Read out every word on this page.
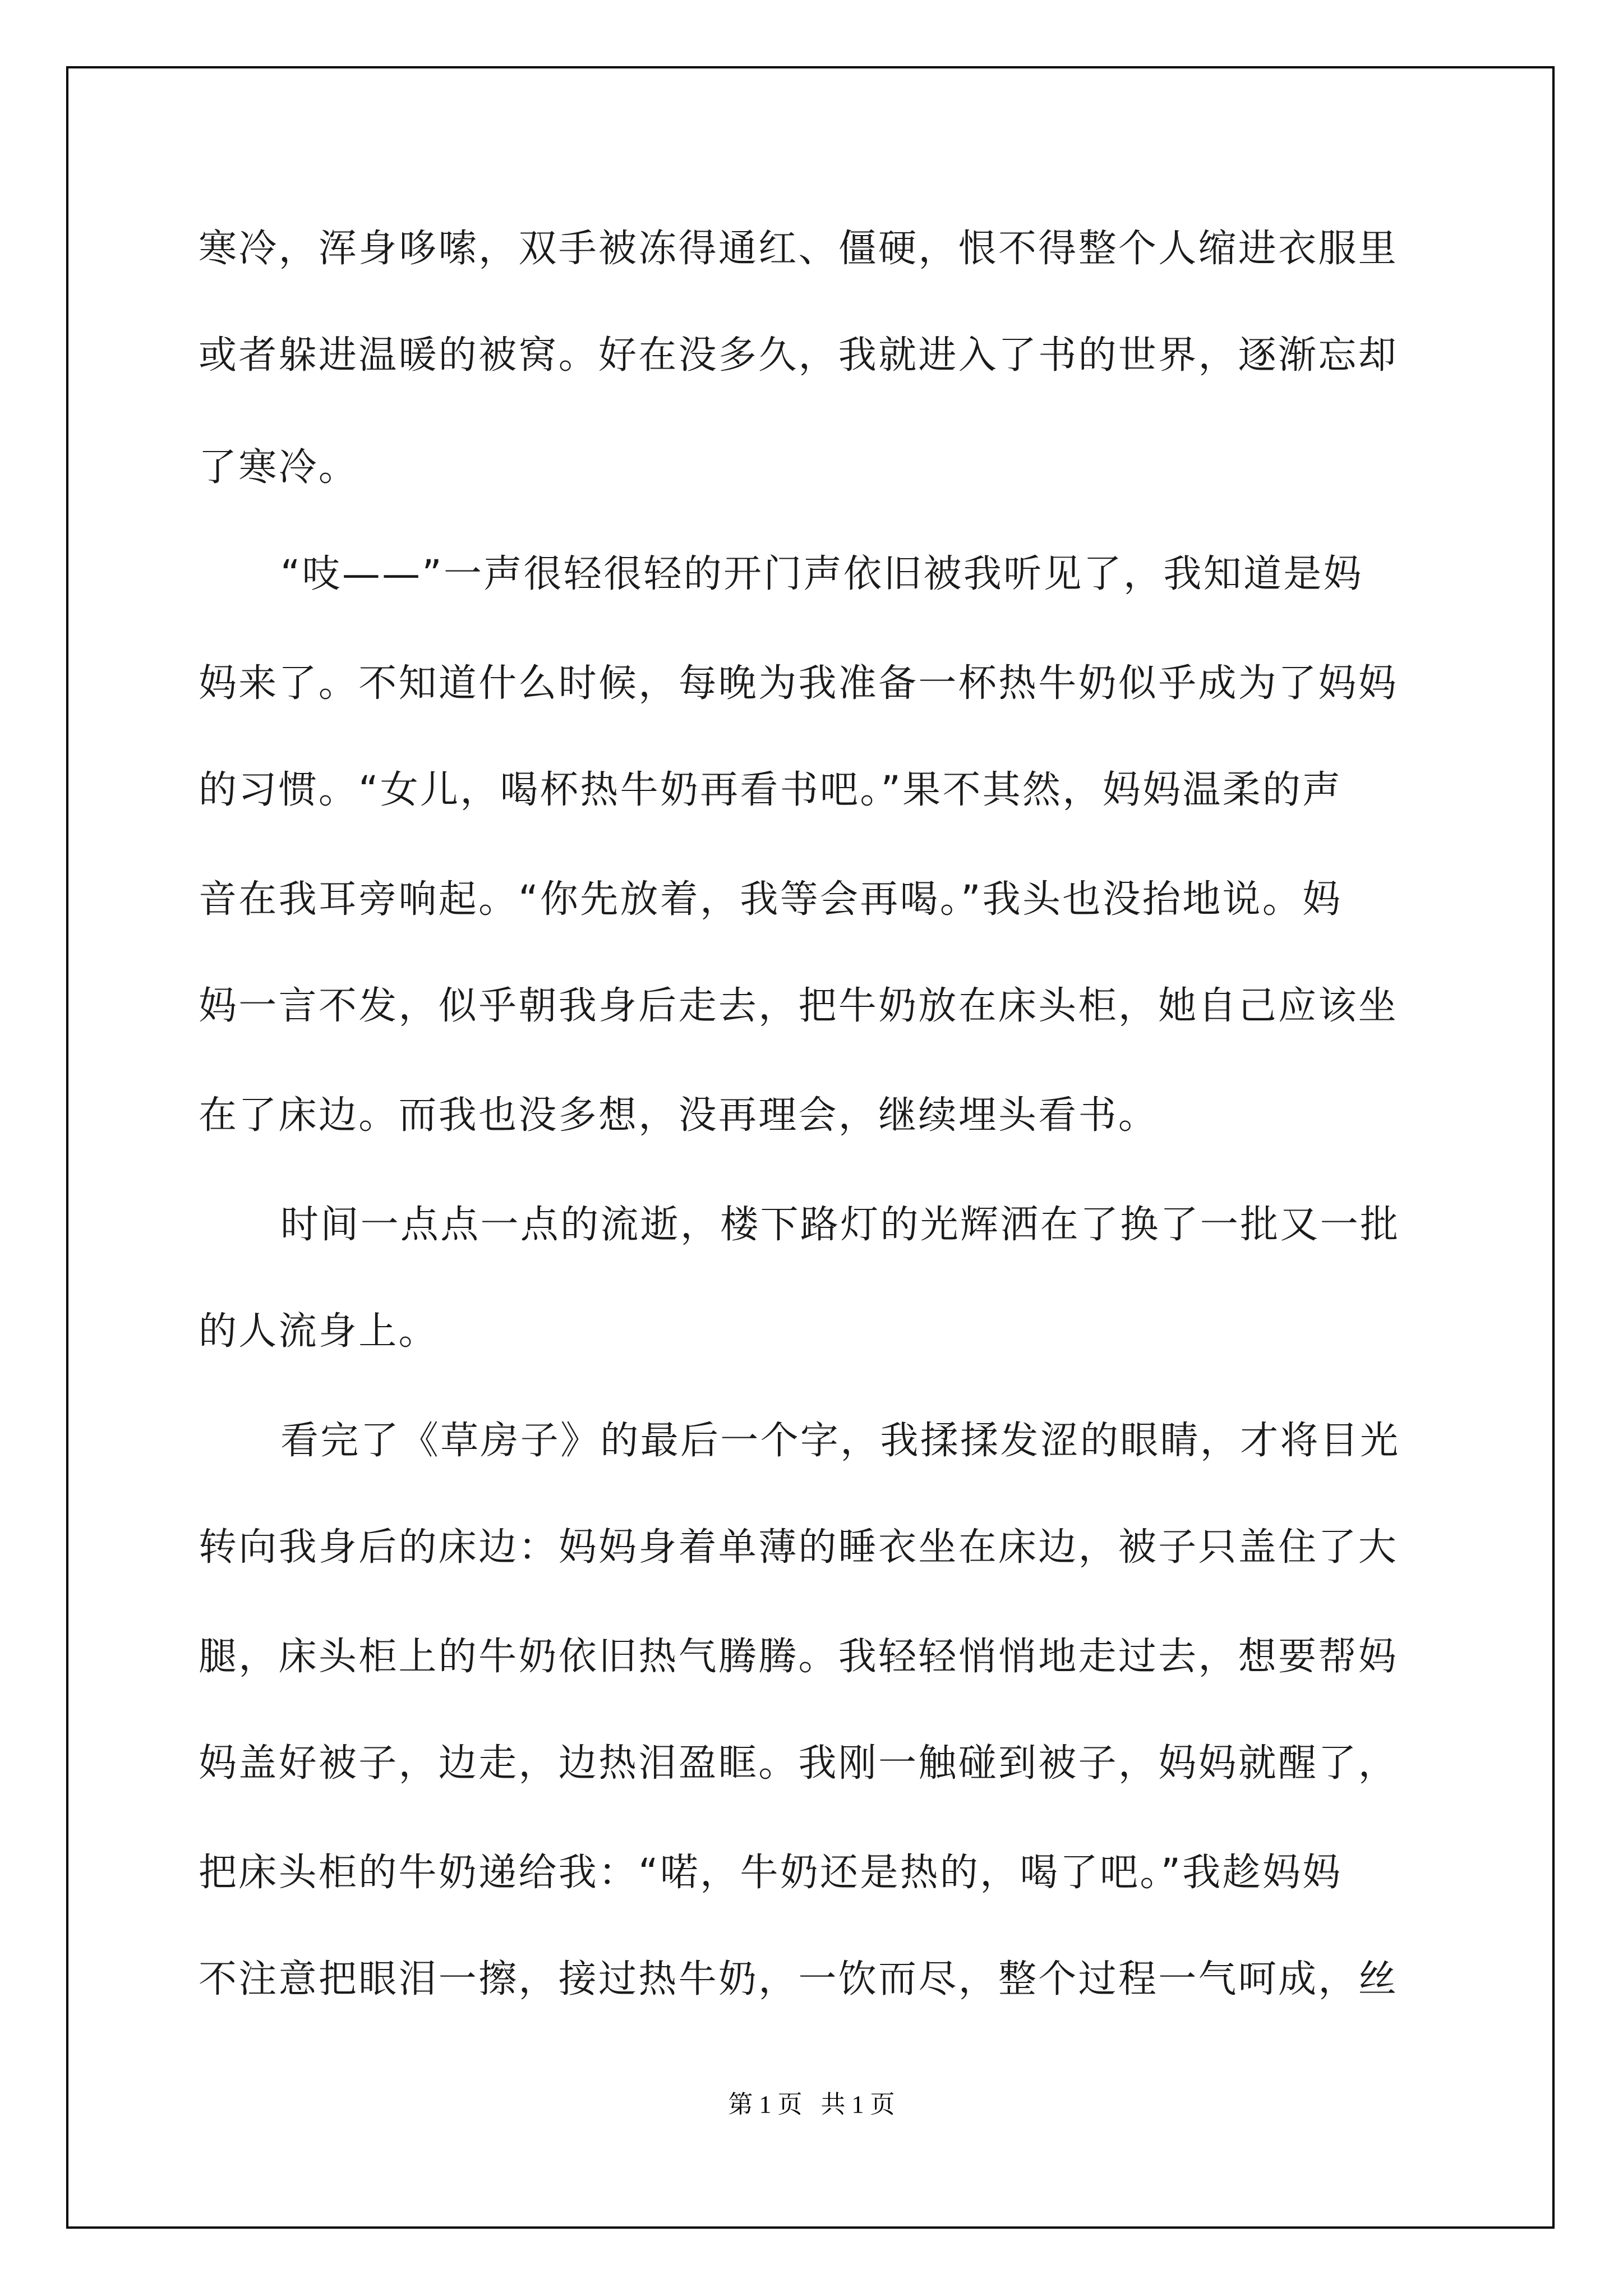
寒冷，浑身哆嗦，双手被冻得通红、僵硬，恨不得整个人缩进衣服里
或者躲进温暖的被窝。好在没多久，我就进入了书的世界，逐渐忘却
了寒冷。
“吱——”一声很轻很轻的开门声依旧被我听见了，我知道是妈
妈来了。不知道什么时候，每晚为我准备一杯热牛奶似乎成为了妈妈
的习惯。“女儿，喝杯热牛奶再看书吧。”果不其然，妈妈温柔的声
音在我耳旁响起。“你先放着，我等会再喝。”我头也没抬地说。妈
妈一言不发，似乎朝我身后走去，把牛奶放在床头柜，她自己应该坐
在了床边。而我也没多想，没再理会，继续埋头看书。
时间一点点一点的流逝，楼下路灯的光辉洒在了换了一批又一批
的人流身上。
看完了《草房子》的最后一个字，我揉揉发涩的眼睛，才将目光
转向我身后的床边：妈妈身着单薄的睡衣坐在床边，被子只盖住了大
腿，床头柜上的牛奶依旧热气腾腾。我轻轻悄悄地走过去，想要帮妈
妈盖好被子，边走，边热泪盈眶。我刚一触碰到被子，妈妈就醒了，
把床头柜的牛奶递给我：“喏，牛奶还是热的，喝了吧。”我趁妈妈
不注意把眼泪一擦，接过热牛奶，一饮而尽，整个过程一气呵成，丝
第 1 页   共 1 页
